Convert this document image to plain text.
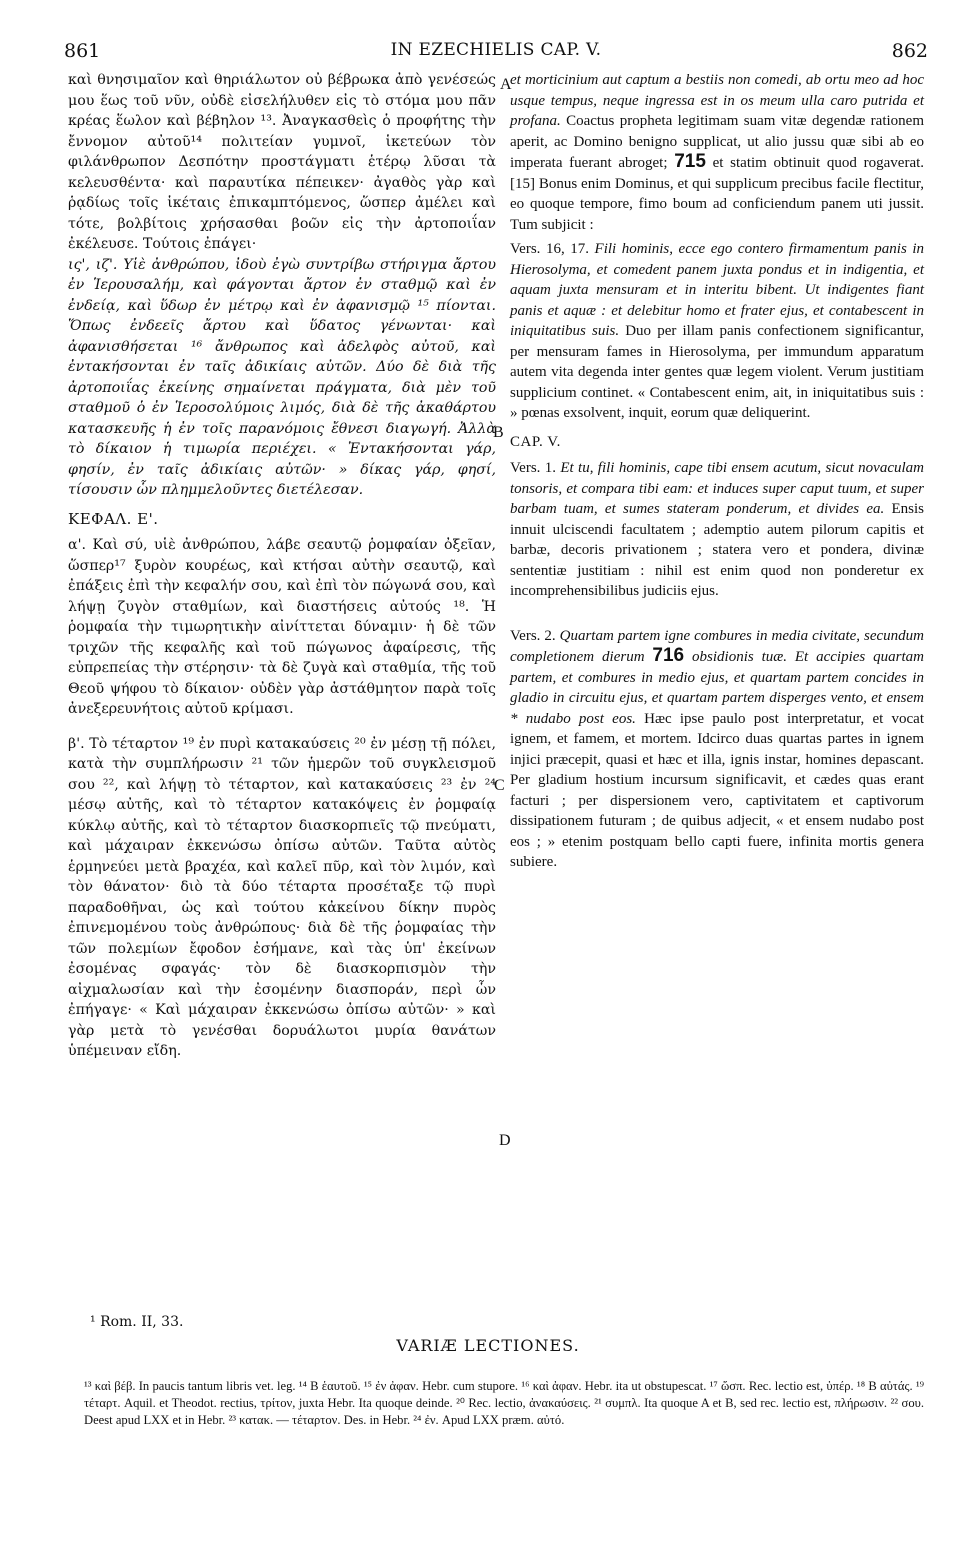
861	IN EZECHIELIS CAP. V.	862

καὶ θνησιμαῖον καὶ θηριάλωτον οὐ βέβρωκα ἀπὸ γενέσεώς μου ἕως τοῦ νῦν, οὐδὲ εἰσελήλυθεν εἰς τὸ στόμα μου πᾶν κρέας ἕωλον καὶ βέβηλον ¹³. Ἀναγκασθεὶς ὁ προφήτης τὴν ἔννομον αὐτοῦ¹⁴ πολιτείαν γυμνοῖ, ἱκετεύων τὸν φιλάνθρωπον Δεσπότην προστάγματι ἑτέρῳ λῦσαι τὰ κελευσθέντα· καὶ παραυτίκα πέπεικεν· ἀγαθὸς γὰρ καὶ ῥᾳδίως τοῖς ἱκέταις ἐπικαμπτόμενος, ὥσπερ ἀμέλει καὶ τότε, βολβίτοις χρήσασθαι βοῶν εἰς τὴν ἀρτοποιΐαν ἐκέλευσε. Τούτοις ἐπάγει·

ις', ιζ'. Υἱὲ ἀνθρώπου, ἰδοὺ ἐγὼ συντρίβω στήριγμα ἄρτου ἐν Ἱερουσαλήμ, καὶ φάγονται ἄρτον ἐν σταθμῷ καὶ ἐν ἐνδείᾳ, καὶ ὕδωρ ἐν μέτρῳ καὶ ἐν ἀφανισμῷ ¹⁵ πίονται. Ὅπως ἐνδεεῖς ἄρτου καὶ ὕδατος γένωνται· καὶ ἀφανισθήσεται ¹⁶ ἄνθρωπος καὶ ἀδελφὸς αὐτοῦ, καὶ ἐντακήσονται ἐν ταῖς ἀδικίαις αὐτῶν. Δύο δὲ διὰ τῆς ἀρτοποιΐας ἐκείνης σημαίνεται πράγματα, διὰ μὲν τοῦ σταθμοῦ ὁ ἐν Ἱεροσολύμοις λιμός, διὰ δὲ τῆς ἀκαθάρτου κατασκευῆς ἡ ἐν τοῖς παρανόμοις ἔθνεσι διαγωγή. Ἀλλὰ τὸ δίκαιον ἡ τιμωρία περιέχει. « Ἐντακήσονται γάρ, φησίν, ἐν ταῖς ἀδικίαις αὐτῶν· » δίκας γάρ, φησί, τίσουσιν ὧν πλημμελοῦντες διετέλεσαν.

ΚΕΦΑΛ. Ε'.

α'. Καὶ σύ, υἱὲ ἀνθρώπου, λάβε σεαυτῷ ῥομφαίαν ὀξεῖαν, ὥσπερ¹⁷ ξυρὸν κουρέως, καὶ κτήσαι αὐτὴν σεαυτῷ, καὶ ἐπάξεις ἐπὶ τὴν κεφαλήν σου, καὶ ἐπὶ τὸν πώγωνά σου, καὶ λήψῃ ζυγὸν σταθμίων, καὶ διαστήσεις αὐτούς ¹⁸. Ἡ ῥομφαία τὴν τιμωρητικὴν αἰνίττεται δύναμιν· ἡ δὲ τῶν τριχῶν τῆς κεφαλῆς καὶ τοῦ πώγωνος ἀφαίρεσις, τῆς εὐπρεπείας τὴν στέρησιν· τὰ δὲ ζυγὰ καὶ σταθμία, τῆς τοῦ Θεοῦ ψήφου τὸ δίκαιον· οὐδὲν γὰρ ἀστάθμητον παρὰ τοῖς ἀνεξερευνήτοις αὐτοῦ κρίμασι.

β'. Τὸ τέταρτον ¹⁹ ἐν πυρὶ κατακαύσεις ²⁰ ἐν μέσῃ τῇ πόλει, κατὰ τὴν συμπλήρωσιν ²¹ τῶν ἡμερῶν τοῦ συγκλεισμοῦ σου ²², καὶ λήψῃ τὸ τέταρτον, καὶ κατακαύσεις ²³ ἐν ²⁴ μέσῳ αὐτῆς, καὶ τὸ τέταρτον κατακόψεις ἐν ῥομφαίᾳ κύκλῳ αὐτῆς, καὶ τὸ τέταρτον διασκορπιεῖς τῷ πνεύματι, καὶ μάχαιραν ἐκκενώσω ὀπίσω αὐτῶν. Ταῦτα αὐτὸς ἑρμηνεύει μετὰ βραχέα, καὶ καλεῖ πῦρ, καὶ τὸν λιμόν, καὶ τὸν θάνατον· διὸ τὰ δύο τέταρτα προσέταξε τῷ πυρὶ παραδοθῆναι, ὡς καὶ τούτου κἀκείνου δίκην πυρὸς ἐπινεμομένου τοὺς ἀνθρώπους· διὰ δὲ τῆς ῥομφαίας τὴν τῶν πολεμίων ἔφοδον ἐσήμανε, καὶ τὰς ὑπ' ἐκείνων ἐσομένας σφαγάς· τὸν δὲ διασκορπισμὸν τὴν αἰχμαλωσίαν καὶ τὴν ἐσομένην διασποράν, περὶ ὧν ἐπήγαγε· « Καὶ μάχαιραν ἐκκενώσω ὀπίσω αὐτῶν· » καὶ γὰρ μετὰ τὸ γενέσθαι δορυάλωτοι μυρία θανάτων ὑπέμειναν εἴδη.

et morticinium aut captum a bestiis non comedi, ab ortu meo ad hoc usque tempus, neque ingressa est in os meum ulla caro putrida et profana. Coactus propheta legitimam suam vitæ degendæ rationem aperit, ac Domino benigno supplicat, ut alio jussu quæ sibi ab eo imperata fuerant abroget; 715 et statim obtinuit quod rogaverat. [15] Bonus enim Dominus, et qui supplicum precibus facile flectitur, eo quoque tempore, fimo boum ad conficiendum panem uti jussit. Tum subjicit :

Vers. 16, 17. Fili hominis, ecce ego contero firmamentum panis in Hierosolyma, et comedent panem juxta pondus et in indigentia, et aquam juxta mensuram et in interitu bibent. Ut indigentes fiant panis et aquæ : et delebitur homo et frater ejus, et contabescent in iniquitatibus suis. Duo per illam panis confectionem significantur, per mensuram fames in Hierosolyma, per immundum apparatum autem vita degenda inter gentes quæ legem violent. Verum justitiam supplicium continet. « Contabescent enim, ait, in iniquitatibus suis : » pœnas exsolvent, inquit, eorum quæ deliquerint.

CAP. V.

Vers. 1. Et tu, fili hominis, cape tibi ensem acutum, sicut novaculam tonsoris, et compara tibi eam: et induces super caput tuum, et super barbam tuam, et sumes stateram ponderum, et divides ea. Ensis innuit ulciscendi facultatem ; ademptio autem pilorum capitis et barbæ, decoris privationem ; statera vero et pondera, divinæ sententiæ justitiam : nihil est enim quod non ponderetur ex incomprehensibilibus judiciis ejus.

Vers. 2. Quartam partem igne combures in media civitate, secundum completionem dierum 716 obsidionis tuæ. Et accipies quartam partem, et combures in medio ejus, et quartam partem concides in gladio in circuitu ejus, et quartam partem disperges vento, et ensem * nudabo post eos. Hæc ipse paulo post interpretatur, et vocat ignem, et famem, et mortem. Idcirco duas quartas partes in ignem injici præcepit, quasi et hæc et illa, ignis instar, homines depascant. Per gladium hostium incursum significavit, et cædes quas erant facturi ; per dispersionem vero, captivitatem et captivorum dissipationem futuram ; de quibus adjecit, « et ensem nudabo post eos ; » etenim postquam bello capti fuere, infinita mortis genera subiere.

A
B
C
D
¹ Rom. II, 33.
VARIÆ LECTIONES.

¹³ καὶ βέβ. In paucis tantum libris vet. leg. ¹⁴ B ἑαυτοῦ. ¹⁵ ἐν ἀφαν. Hebr. cum stupore. ¹⁶ καὶ ἀφαν. Hebr. ita ut obstupescat. ¹⁷ ὥσπ. Rec. lectio est, ὑπέρ. ¹⁸ B αὐτάς. ¹⁹ τέταρτ. Aquil. et Theodot. rectius, τρίτον, juxta Hebr. Ita quoque deinde. ²⁰ Rec. lectio, ἀνακαύσεις. ²¹ συμπλ. Ita quoque A et B, sed rec. lectio est, πλήρωσιν. ²² σου. Deest apud LXX et in Hebr. ²³ κατακ. — τέταρτον. Des. in Hebr. ²⁴ ἐν. Apud LXX præm. αὐτό.
